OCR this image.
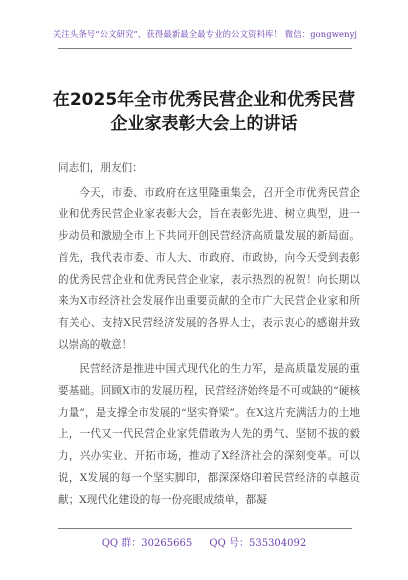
关注头条号“公文研究”，获得最新最全最专业的公文资料库！ 微信：gongwenyj
在2025年全市优秀民营企业和优秀民营
企业家表彰大会上的讲话

同志们，朋友们：

今天，市委、市政府在这里隆重集会，召开全市优秀民营企业和优秀民营企业家表彰大会，旨在表彰先进、树立典型，进一步动员和激励全市上下共同开创民营经济高质量发展的新局面。首先，我代表市委、市人大、市政府、市政协，向今天受到表彰的优秀民营企业和优秀民营企业家，表示热烈的祝贺！向长期以来为X市经济社会发展作出重要贡献的全市广大民营企业家和所有关心、支持X民营经济发展的各界人士，表示衷心的感谢并致以崇高的敬意！

民营经济是推进中国式现代化的生力军，是高质量发展的重要基础。回顾X市的发展历程，民营经济始终是不可或缺的“硬核力量”，是支撑全市发展的“坚实脊梁”。在X这片充满活力的土地上，一代又一代民营企业家凭借敢为人先的勇气、坚韧不拔的毅力，兴办实业、开拓市场，推动了X经济社会的深刻变革。可以说，X发展的每一个坚实脚印，都深深烙印着民营经济的卓越贡献；X现代化建设的每一份亮眼成绩单，都凝

QQ 群：30265665 QQ 号：535304092
